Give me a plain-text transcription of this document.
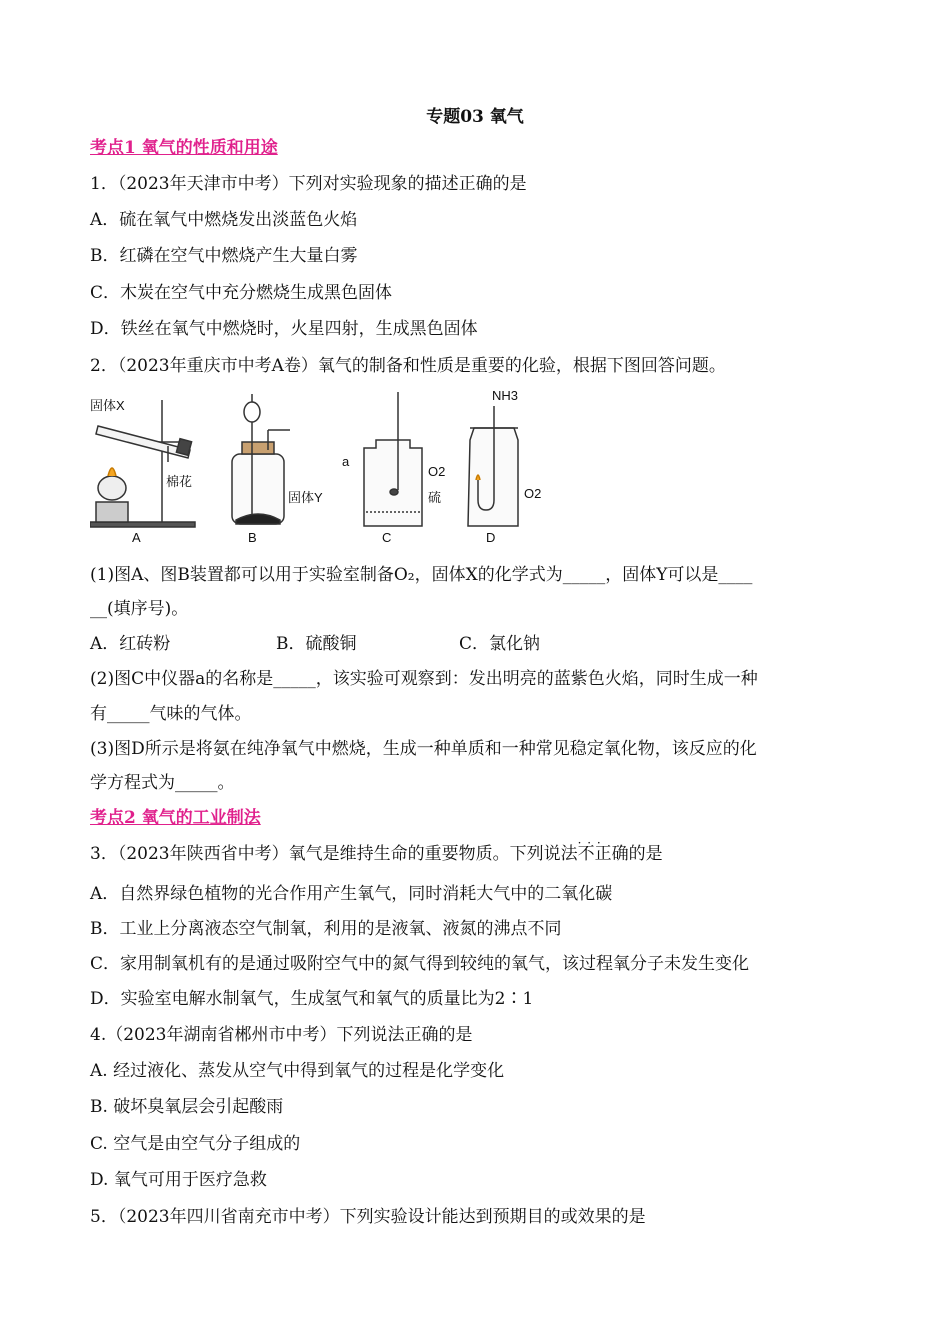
专题03 氧气
考点1 氧气的性质和用途
1．（2023年天津市中考）下列对实验现象的描述正确的是
A．硫在氧气中燃烧发出淡蓝色火焰
B．红磷在空气中燃烧产生大量白雾
C．木炭在空气中充分燃烧生成黑色固体
D．铁丝在氧气中燃烧时，火星四射，生成黑色固体
2．（2023年重庆市中考A卷）氧气的制备和性质是重要的化验，根据下图回答问题。
固体X
棉花
A
固体Y
B
a
O2
硫
C
NH3
O2
D
(1)图A、图B装置都可以用于实验室制备O₂，固体X的化学式为_____，固体Y可以是____
__(填序号)。
A．红砖粉	B．硫酸铜	C．氯化钠
(2)图C中仪器a的名称是_____，该实验可观察到：发出明亮的蓝紫色火焰，同时生成一种
有_____气味的气体。
(3)图D所示是将氨在纯净氧气中燃烧，生成一种单质和一种常见稳定氧化物，该反应的化
学方程式为_____。
考点2 氧气的工业制法
3．（2023年陕西省中考）氧气是维持生命的重要物质。下列说法· · · 不正确的是
A．自然界绿色植物的光合作用产生氧气，同时消耗大气中的二氧化碳
B．工业上分离液态空气制氧，利用的是液氧、液氮的沸点不同
C．家用制氧机有的是通过吸附空气中的氮气得到较纯的氧气，该过程氧分子未发生变化
D．实验室电解水制氧气，生成氢气和氧气的质量比为2∶1
4.（2023年湖南省郴州市中考）下列说法正确的是
A. 经过液化、蒸发从空气中得到氧气的过程是化学变化
B. 破坏臭氧层会引起酸雨
C. 空气是由空气分子组成的
D. 氧气可用于医疗急救
5．（2023年四川省南充市中考）下列实验设计能达到预期目的或效果的是
